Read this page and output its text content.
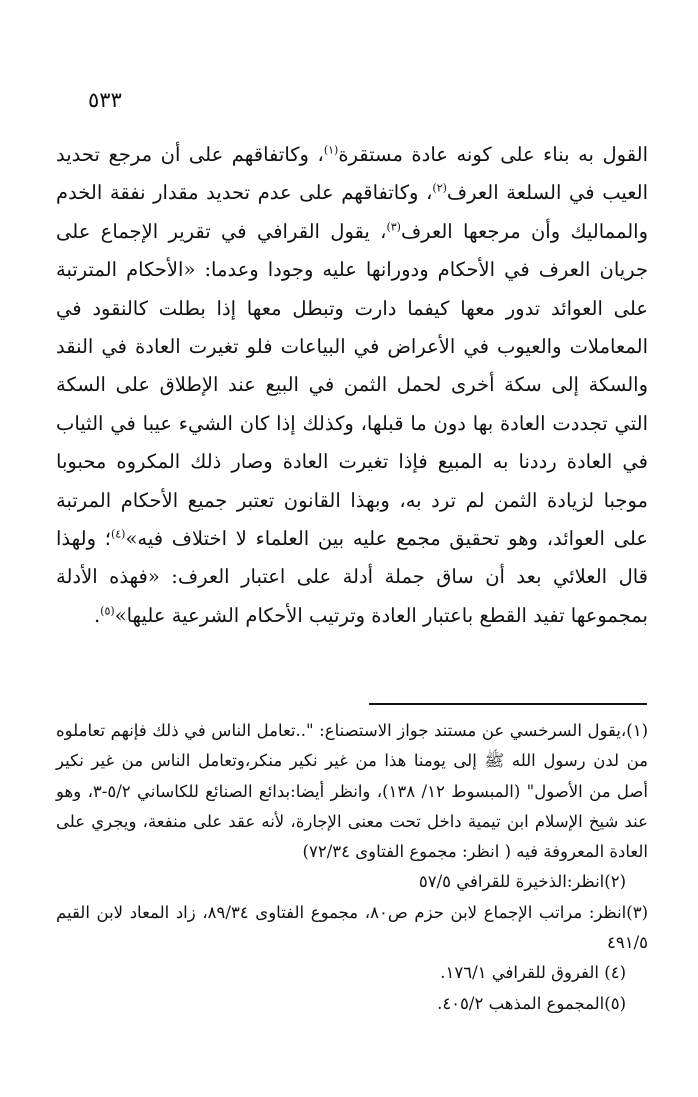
٥٣٣
القول به بناء على كونه عادة مستقرة$^{(١)}$، وكاتفاقهم على أن مرجع تحديد العيب في السلعة العرف$^{(٢)}$، وكاتفاقهم على عدم تحديد مقدار نفقة الخدم والمماليك وأن مرجعها العرف$^{(٣)}$، يقول القرافي في تقرير الإجماع على جريان العرف في الأحكام ودورانها عليه وجودا وعدما: «الأحكام المترتبة على العوائد تدور معها كيفما دارت وتبطل معها إذا بطلت كالنقود في المعاملات والعيوب في الأعراض في البياعات فلو تغيرت العادة في النقد والسكة إلى سكة أخرى لحمل الثمن في البيع عند الإطلاق على السكة التي تجددت العادة بها دون ما قبلها، وكذلك إذا كان الشيء عيبا في الثياب في العادة رددنا به المبيع فإذا تغيرت العادة وصار ذلك المكروه محبوبا موجبا لزيادة الثمن لم ترد به، وبهذا القانون تعتبر جميع الأحكام المرتبة على العوائد، وهو تحقيق مجمع عليه بين العلماء لا اختلاف فيه»$^{(٤)}$؛ ولهذا قال العلائي بعد أن ساق جملة أدلة على اعتبار العرف: «فهذه الأدلة بمجموعها تفيد القطع باعتبار العادة وترتيب الأحكام الشرعية عليها»$^{(٥)}$.
(١)،يقول السرخسي عن مستند جواز الاستصناع: "..تعامل الناس في ذلك فإنهم تعاملوه من لدن رسول الله ﷺ إلى يومنا هذا من غير نكير منكر،وتعامل الناس من غير نكير أصل من الأصول" (المبسوط ١٢/ ١٣٨)، وانظر أيضا:بدائع الصنائع للكاساني ٥/٢-٣، وهو عند شيخ الإسلام ابن تيمية داخل تحت معنى الإجارة، لأنه عقد على منفعة، ويجري على العادة المعروفة فيه ( انظر: مجموع الفتاوى ٧٢/٣٤)
(٢)انظر:الذخيرة للقرافي ٥٧/٥
(٣)انظر: مراتب الإجماع لابن حزم ص٨٠، مجموع الفتاوى ٨٩/٣٤، زاد المعاد لابن القيم ٤٩١/٥
(٤) الفروق للقرافي ١٧٦/١.
(٥)المجموع المذهب ٤٠٥/٢.
